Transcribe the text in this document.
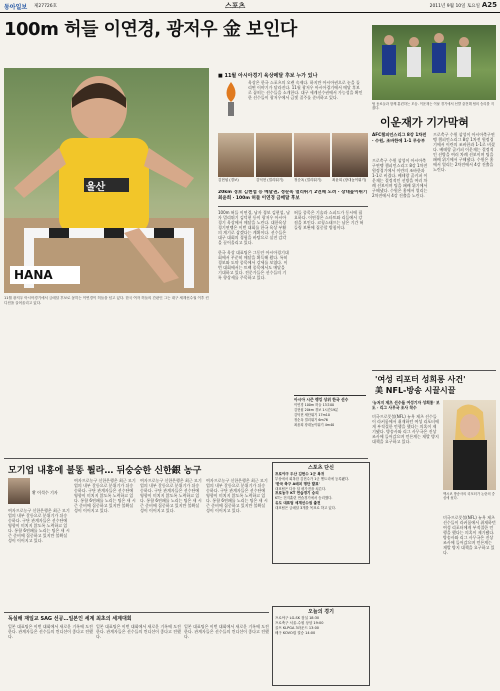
동아일보 제27726호	스포츠	2011년 9월 10일 토요일 A25
100m 허들 이연경, 광저우 金 보인다
■ 11월 아시아경기 육상메달 후보 누가 있나
울산
HANA
11월 광저우 아시아경기에서 금메달 후보로 꼽히는 이연경이 허들을 넘고 있다. 한국 여자 허들의 간판인 그는 대구 세계선수권 이후 컨디션을 끌어올리고 있다.
육상은 한국 스포츠의 오랜 숙제다. 하지만 아시아권으로 눈을 돌리면 이야기가 달라진다. 11월 광저우 아시아경기에서 메달 후보로 꼽히는 선수들을 소개한다. 대구 세계선수권에서 가능성을 확인한 선수들이 광저우에서 금빛 질주를 준비하고 있다.
김현섭 (경보)	김덕현 (멀리뛰기)	정순옥 (멀리뛰기)	최윤희 (장대높이뛰기)
20km 경보 김현섭 등 메달권, 정순옥 멀리뛰기 2연패 노려 · 장대높이뛰기 최윤희 · 100m 허들 이연경 금메달 후보
100m 허들 이연경, 남자 경보 김현섭, 남자 멀리뛰기 김덕현 등이 광저우 아시아경기 육상에서 메달을 노린다. 대한육상경기연맹은 이번 대회를 한국 육상 부활의 계기로 삼겠다는 계획이다. 선수들은 대구 대회의 경험을 바탕으로 실전 감각을 끌어올리고 있다.
한국 육상 대표팀은 그동안 아시아경기대회에서 꾸준히 메달을 획득해 왔다. 특히 경보와 도약 종목에서 강세를 보였다. 이번 대회에서는 트랙 종목에서도 메달을 기대하고 있다. 전문가들은 선수들의 기록 향상세를 주목하고 있다.
허들 종목은 기술과 스피드가 동시에 필요하다. 이연경은 스타트와 리듬에서 강점을 보인다. 코칭스태프는 남은 기간 허들링 보완에 집중할 방침이다.
아시아 시즌 랭킹 상위 한국 선수
이연경 100m 허들 13초00
김현섭 20km 경보 1시간19분
김덕현 세단뛰기 17m10
정순옥 멀리뛰기 6m76
최윤희 장대높이뛰기 4m40
팀 동료들과 함께 훈련하는 모습. 이운재는 이날 경기에서 선발 출전해 팀의 승리를 지켰다.
이운재가 기가막혀
AFC챔피언스리그 8강 1차전 · 수원, 조바한에 1-1 무승부
프로축구 수원 삼성이 아시아축구연맹 챔피언스리그 8강 1차전 원정경기에서 이란의 조바한과 1-1로 비겼다. 베테랑 골키퍼 이운재는 결정적인 선방을 여러 차례 선보이며 팀을 패배 위기에서 구해냈다. 수원은 홈에서 열리는 2차전에서 4강 진출을 노린다.
프로축구 수원 삼성이 아시아축구연맹 챔피언스리그 8강 1차전 원정경기에서 이란의 조바한과 1-1로 비겼다. 베테랑 골키퍼 이운재는 결정적인 선방을 여러 차례 선보이며 팀을 패배 위기에서 구해냈다. 수원은 홈에서 열리는 2차전에서 4강 진출을 노린다.
'여성 리포터 성희롱 사건'
美 NFL-방송 시끌시끌
'뉴저지 제츠 선수들 여성기자 성희롱' 보도 · 리그 사무국 조사 착수
미국프로풋볼(NFL) 뉴욕 제츠 선수들이 라커룸에서 취재하던 여성 리포터에게 부적절한 언행을 했다는 의혹이 제기됐다. 방송사와 리그 사무국은 진상 조사에 들어갔으며 언론계는 재발 방지 대책을 요구하고 있다.
멕시코 방송사의 리포터가 논란의 중심에 섰다.
미국프로풋볼(NFL) 뉴욕 제츠 선수들이 라커룸에서 취재하던 여성 리포터에게 부적절한 언행을 했다는 의혹이 제기됐다. 방송사와 리그 사무국은 진상 조사에 들어갔으며 언론계는 재발 방지 대책을 요구하고 있다.
모기업 내홍에 불똥 튈라… 뒤숭숭한 신한銀 농구
황 이석수 기자
여자프로농구 신한은행은 최근 모기업의 내부 갈등으로 분위기가 뒤숭숭하다. 구단 관계자들은 선수단에 영향이 미치지 않도록 노력하고 있다. 통합 6연패를 노리는 팀은 새 시즌 준비에 집중하고 있지만 불확실성이 이어지고 있다.
여자프로농구 신한은행은 최근 모기업의 내부 갈등으로 분위기가 뒤숭숭하다. 구단 관계자들은 선수단에 영향이 미치지 않도록 노력하고 있다. 통합 6연패를 노리는 팀은 새 시즌 준비에 집중하고 있지만 불확실성이 이어지고 있다.
여자프로농구 신한은행은 최근 모기업의 내부 갈등으로 분위기가 뒤숭숭하다. 구단 관계자들은 선수단에 영향이 미치지 않도록 노력하고 있다. 통합 6연패를 노리는 팀은 새 시즌 준비에 집중하고 있지만 불확실성이 이어지고 있다.
여자프로농구 신한은행은 최근 모기업의 내부 갈등으로 분위기가 뒤숭숭하다. 구단 관계자들은 선수단에 영향이 미치지 않도록 노력하고 있다. 통합 6연패를 노리는 팀은 새 시즌 준비에 집중하고 있지만 불확실성이 이어지고 있다.
독실해 재일교 SAG 선공…일본인 세계 최초의 세계대회
일본 대표팀은 이번 대회에서 새로운 기록에 도전한다. 관계자들은 선수들의 컨디션이 좋다고 전했다.
일본 대표팀은 이번 대회에서 새로운 기록에 도전한다. 관계자들은 선수들의 컨디션이 좋다고 전했다.
일본 대표팀은 이번 대회에서 새로운 기록에 도전한다. 관계자들은 선수들의 컨디션이 좋다고 전했다.
스포츠 단신
프로야구 두산 김현수 1군 복귀
부상에서 회복한 김현수가 1군 엔트리에 등록됐다.
'한국 축구 A매치 명단 발표'
대표팀은 다음 달 평가전을 치른다.
프로농구 KT 연습경기 승리
KT는 전지훈련 연습경기에서 승리했다.
유도 대표팀 세계선수권 출전
대표팀은 금메달 3개를 목표로 하고 있다.
오늘의 경기
프로야구 LG-SK 잠실 18:30
프로축구 서울-수원 상암 19:00
골프 KLPGA 3라운드 13:00
배구 KOVO컵 결승 14:00
